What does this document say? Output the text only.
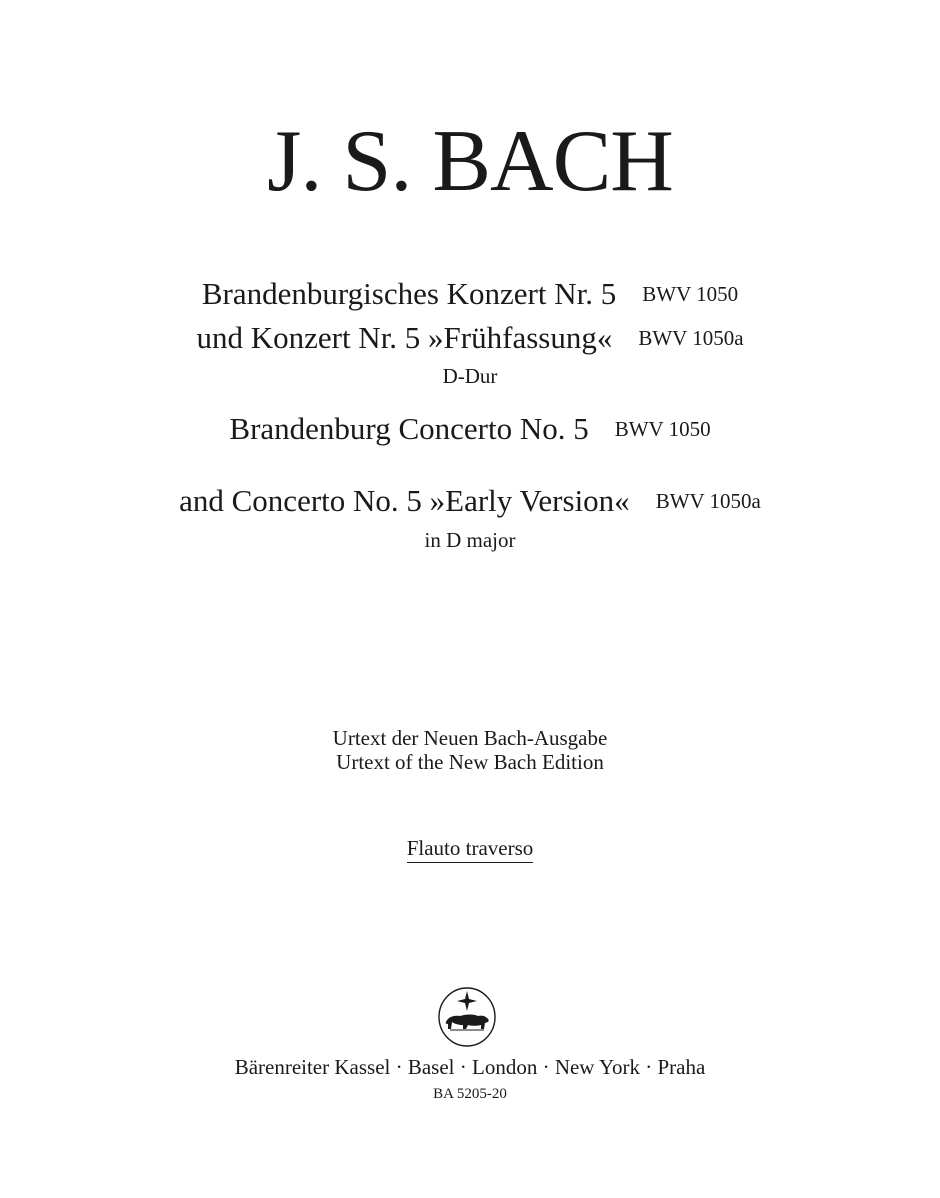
J. S. BACH
Brandenburgisches Konzert Nr. 5 BWV 1050
und Konzert Nr. 5 »Frühfassung« BWV 1050a
D-Dur
Brandenburg Concerto No. 5 BWV 1050
and Concerto No. 5 »Early Version« BWV 1050a
in D major
Urtext der Neuen Bach-Ausgabe
Urtext of the New Bach Edition
Flauto traverso
Bärenreiter Kassel · Basel · London · New York · Praha
BA 5205-20
